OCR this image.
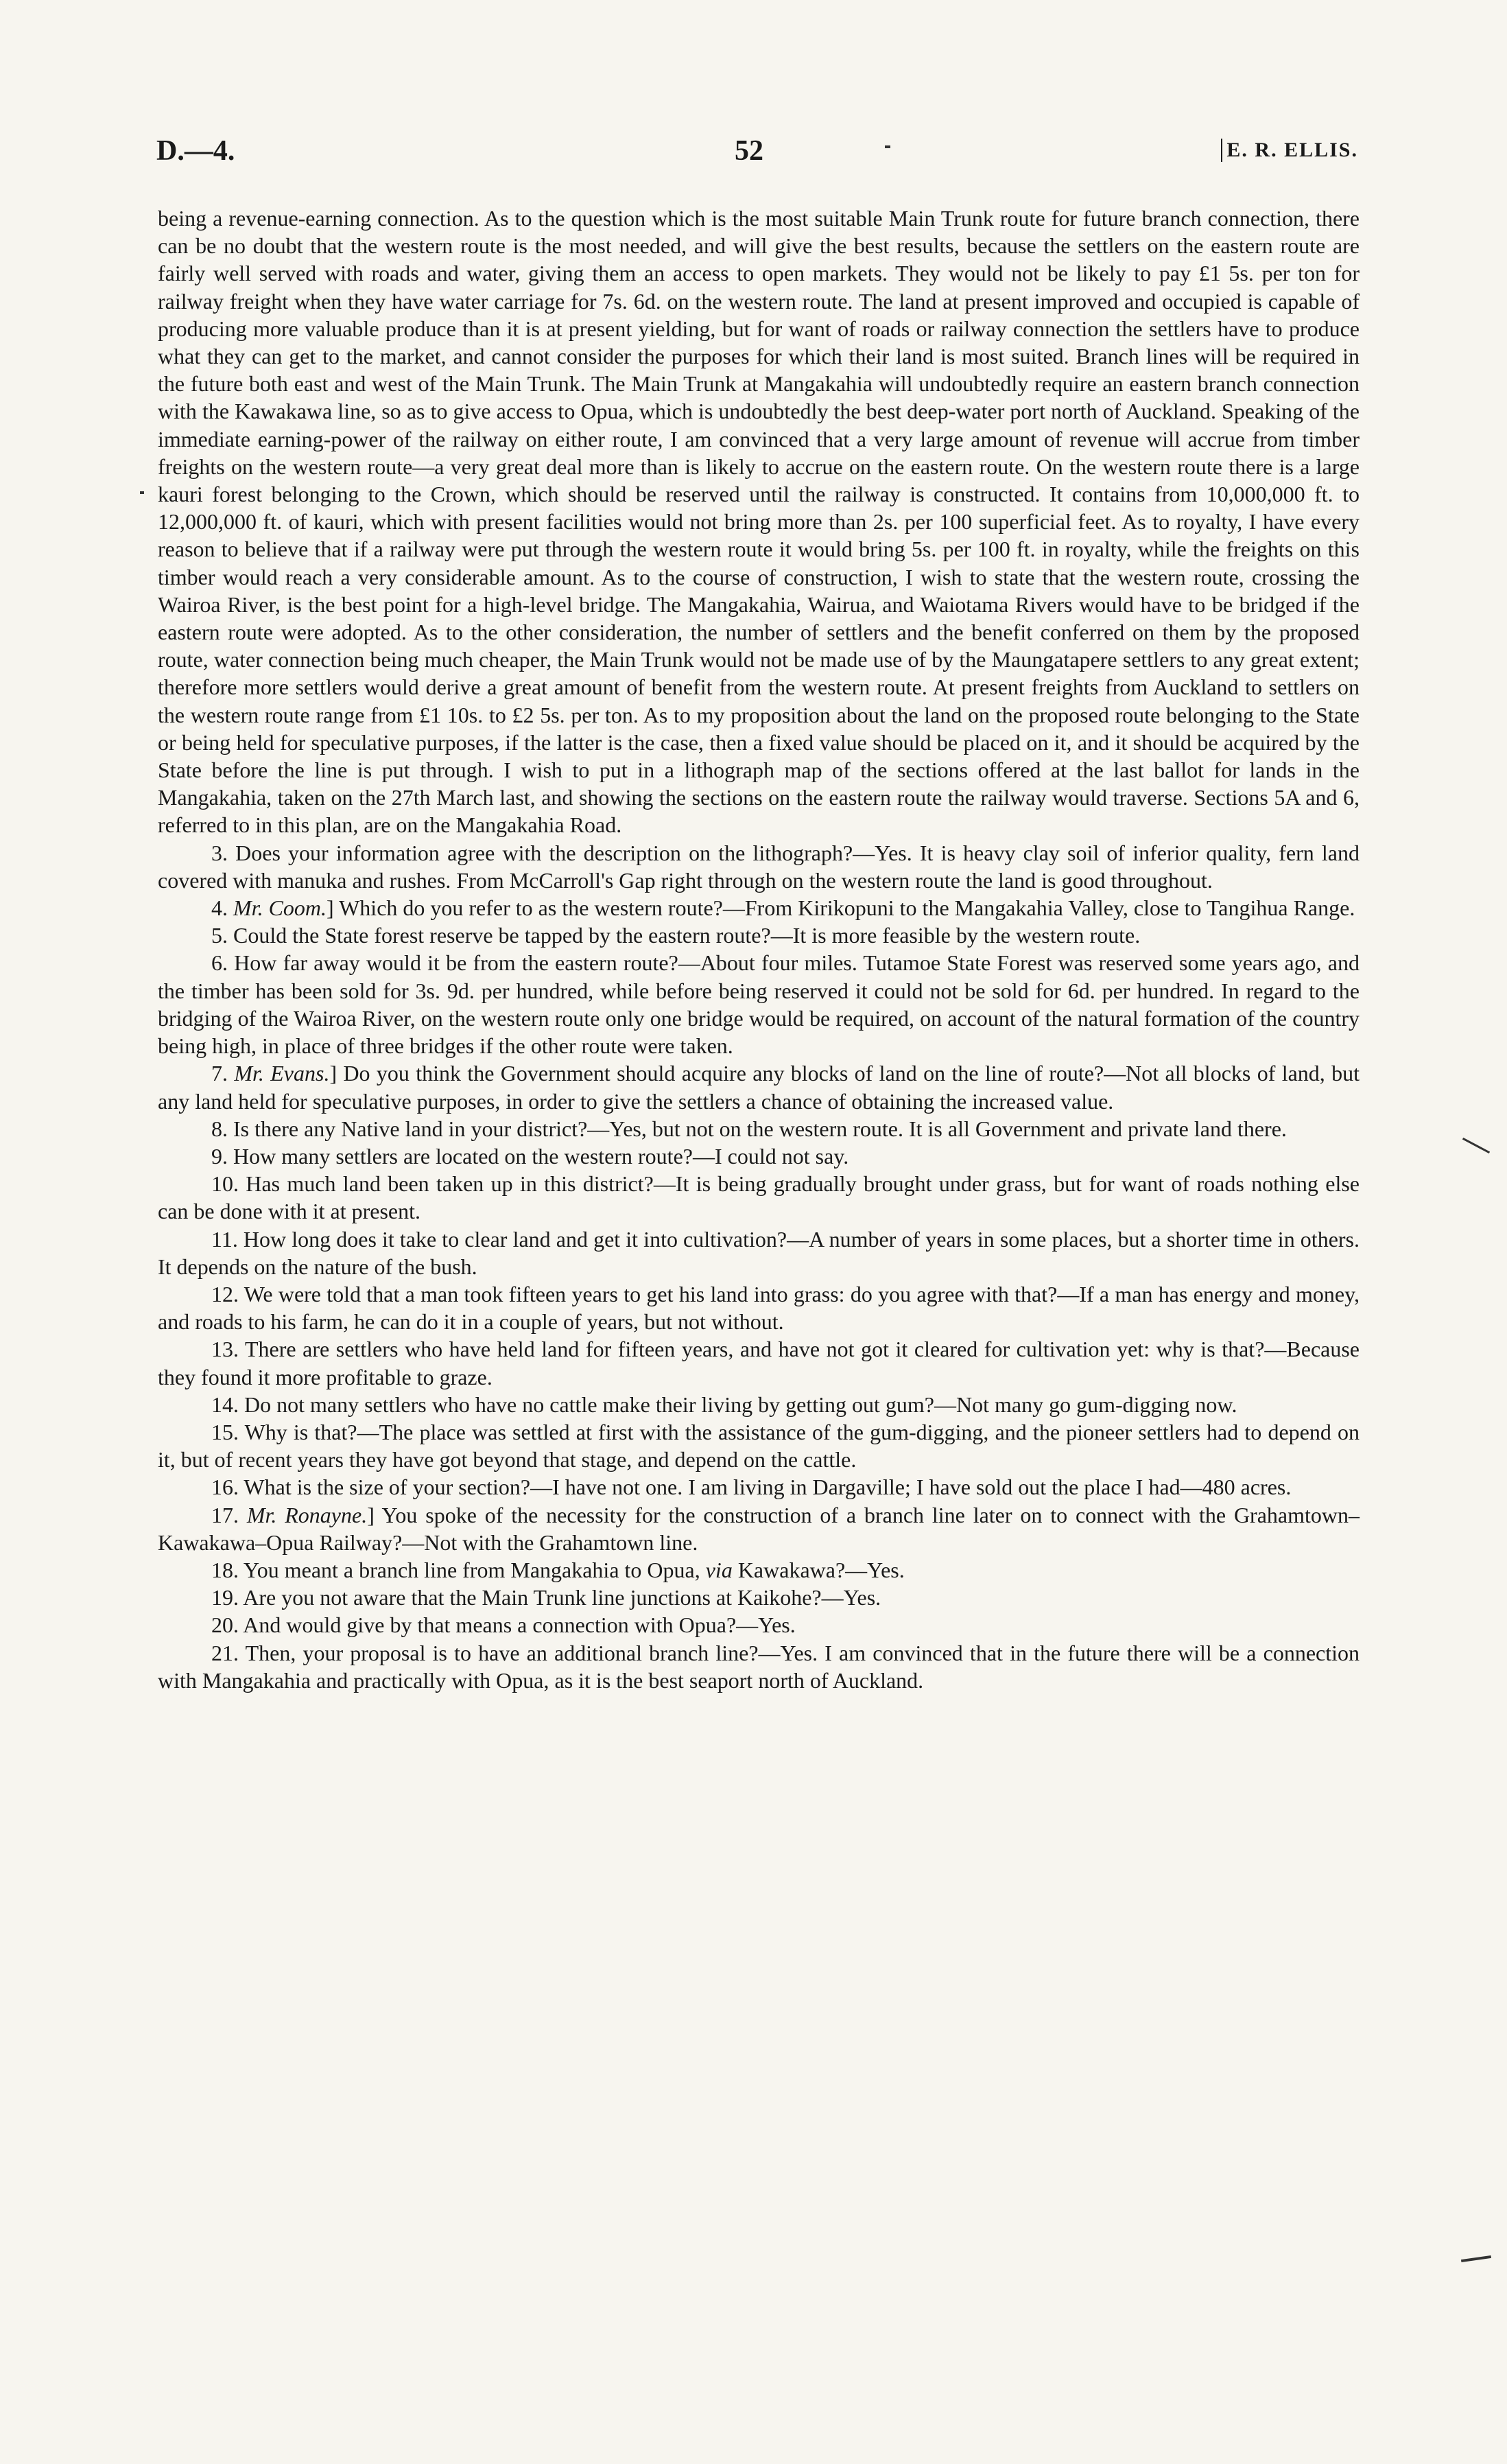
D.—4.	52	E. R. ELLIS.

being a revenue-earning connection. As to the question which is the most suitable Main Trunk route for future branch connection, there can be no doubt that the western route is the most needed, and will give the best results, because the settlers on the eastern route are fairly well served with roads and water, giving them an access to open markets. They would not be likely to pay £1 5s. per ton for railway freight when they have water carriage for 7s. 6d. on the western route. The land at present improved and occupied is capable of producing more valuable produce than it is at present yielding, but for want of roads or railway connection the settlers have to produce what they can get to the market, and cannot consider the purposes for which their land is most suited. Branch lines will be required in the future both east and west of the Main Trunk. The Main Trunk at Mangakahia will undoubtedly require an eastern branch connection with the Kawakawa line, so as to give access to Opua, which is undoubtedly the best deep-water port north of Auckland. Speaking of the immediate earning-power of the railway on either route, I am convinced that a very large amount of revenue will accrue from timber freights on the western route—a very great deal more than is likely to accrue on the eastern route. On the western route there is a large kauri forest belonging to the Crown, which should be reserved until the railway is constructed. It contains from 10,000,000 ft. to 12,000,000 ft. of kauri, which with present facilities would not bring more than 2s. per 100 superficial feet. As to royalty, I have every reason to believe that if a railway were put through the western route it would bring 5s. per 100 ft. in royalty, while the freights on this timber would reach a very considerable amount. As to the course of construction, I wish to state that the western route, crossing the Wairoa River, is the best point for a high-level bridge. The Mangakahia, Wairua, and Waiotama Rivers would have to be bridged if the eastern route were adopted. As to the other consideration, the number of settlers and the benefit conferred on them by the proposed route, water connection being much cheaper, the Main Trunk would not be made use of by the Maungatapere settlers to any great extent; therefore more settlers would derive a great amount of benefit from the western route. At present freights from Auckland to settlers on the western route range from £1 10s. to £2 5s. per ton. As to my proposition about the land on the proposed route belonging to the State or being held for speculative purposes, if the latter is the case, then a fixed value should be placed on it, and it should be acquired by the State before the line is put through. I wish to put in a lithograph map of the sections offered at the last ballot for lands in the Mangakahia, taken on the 27th March last, and showing the sections on the eastern route the railway would traverse. Sections 5A and 6, referred to in this plan, are on the Mangakahia Road.

3. Does your information agree with the description on the lithograph?—Yes. It is heavy clay soil of inferior quality, fern land covered with manuka and rushes. From McCarroll's Gap right through on the western route the land is good throughout.

4. Mr. Coom.] Which do you refer to as the western route?—From Kirikopuni to the Mangakahia Valley, close to Tangihua Range.

5. Could the State forest reserve be tapped by the eastern route?—It is more feasible by the western route.

6. How far away would it be from the eastern route?—About four miles. Tutamoe State Forest was reserved some years ago, and the timber has been sold for 3s. 9d. per hundred, while before being reserved it could not be sold for 6d. per hundred. In regard to the bridging of the Wairoa River, on the western route only one bridge would be required, on account of the natural formation of the country being high, in place of three bridges if the other route were taken.

7. Mr. Evans.] Do you think the Government should acquire any blocks of land on the line of route?—Not all blocks of land, but any land held for speculative purposes, in order to give the settlers a chance of obtaining the increased value.

8. Is there any Native land in your district?—Yes, but not on the western route. It is all Government and private land there.

9. How many settlers are located on the western route?—I could not say.

10. Has much land been taken up in this district?—It is being gradually brought under grass, but for want of roads nothing else can be done with it at present.

11. How long does it take to clear land and get it into cultivation?—A number of years in some places, but a shorter time in others. It depends on the nature of the bush.

12. We were told that a man took fifteen years to get his land into grass: do you agree with that?—If a man has energy and money, and roads to his farm, he can do it in a couple of years, but not without.

13. There are settlers who have held land for fifteen years, and have not got it cleared for cultivation yet: why is that?—Because they found it more profitable to graze.

14. Do not many settlers who have no cattle make their living by getting out gum?—Not many go gum-digging now.

15. Why is that?—The place was settled at first with the assistance of the gum-digging, and the pioneer settlers had to depend on it, but of recent years they have got beyond that stage, and depend on the cattle.

16. What is the size of your section?—I have not one. I am living in Dargaville; I have sold out the place I had—480 acres.

17. Mr. Ronayne.] You spoke of the necessity for the construction of a branch line later on to connect with the Grahamtown–Kawakawa–Opua Railway?—Not with the Grahamtown line.

18. You meant a branch line from Mangakahia to Opua, via Kawakawa?—Yes.

19. Are you not aware that the Main Trunk line junctions at Kaikohe?—Yes.

20. And would give by that means a connection with Opua?—Yes.

21. Then, your proposal is to have an additional branch line?—Yes. I am convinced that in the future there will be a connection with Mangakahia and practically with Opua, as it is the best seaport north of Auckland.
